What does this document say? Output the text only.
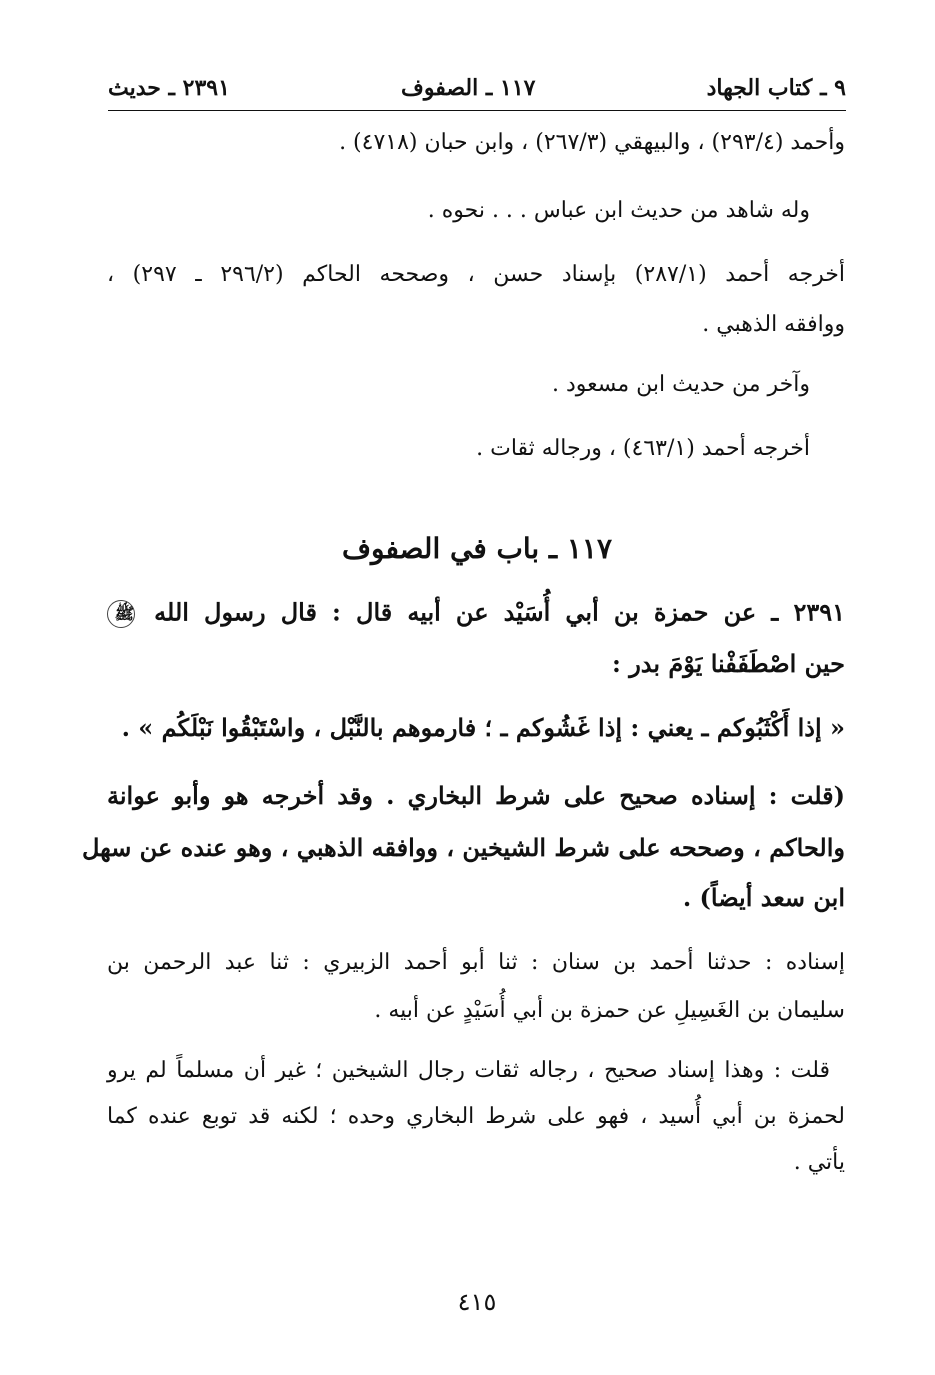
٩ ـ كتاب الجهاد
١١٧ ـ الصفوف
٢٣٩١ ـ حديث
وأحمد (٢٩٣/٤) ، والبيهقي (٢٦٧/٣) ، وابن حبان (٤٧١٨) .
وله شاهد من حديث ابن عباس . . . نحوه .
أخرجه أحمد (٢٨٧/١) بإسناد حسن ، وصححه الحاكم (٢٩٦/٢ ـ ٢٩٧) ،
ووافقه الذهبي .
وآخر من حديث ابن مسعود .
أخرجه أحمد (٤٦٣/١) ، ورجاله ثقات .
١١٧ ـ باب في الصفوف
٢٣٩١ ـ عن حمزة بن أبي أُسَيْد عن أبيه قال : قال رسول الله ﷺ
حين اصْطَفَفْنا يَوْمَ بدر :
« إذا أَكْثَبُوكم ـ يعني : إذا غَشُوكم ـ ؛ فارموهم بالنَّبْل ، واسْتَبْقُوا نَبْلَكُم » .
(قلت : إسناده صحيح على شرط البخاري . وقد أخرجه هو وأبو عوانة
والحاكم ، وصححه على شرط الشيخين ، ووافقه الذهبي ، وهو عنده عن سهل
ابن سعد أيضاً) .
إسناده : حدثنا أحمد بن سنان : ثنا أبو أحمد الزبيري : ثنا عبد الرحمن بن
سليمان بن الغَسِيلِ عن حمزة بن أبي أُسَيْدٍ عن أبيه .
قلت : وهذا إسناد صحيح ، رجاله ثقات رجال الشيخين ؛ غير أن مسلماً لم يرو
لحمزة بن أبي أُسيد ، فهو على شرط البخاري وحده ؛ لكنه قد توبع عنده كما
يأتي .
٤١٥
